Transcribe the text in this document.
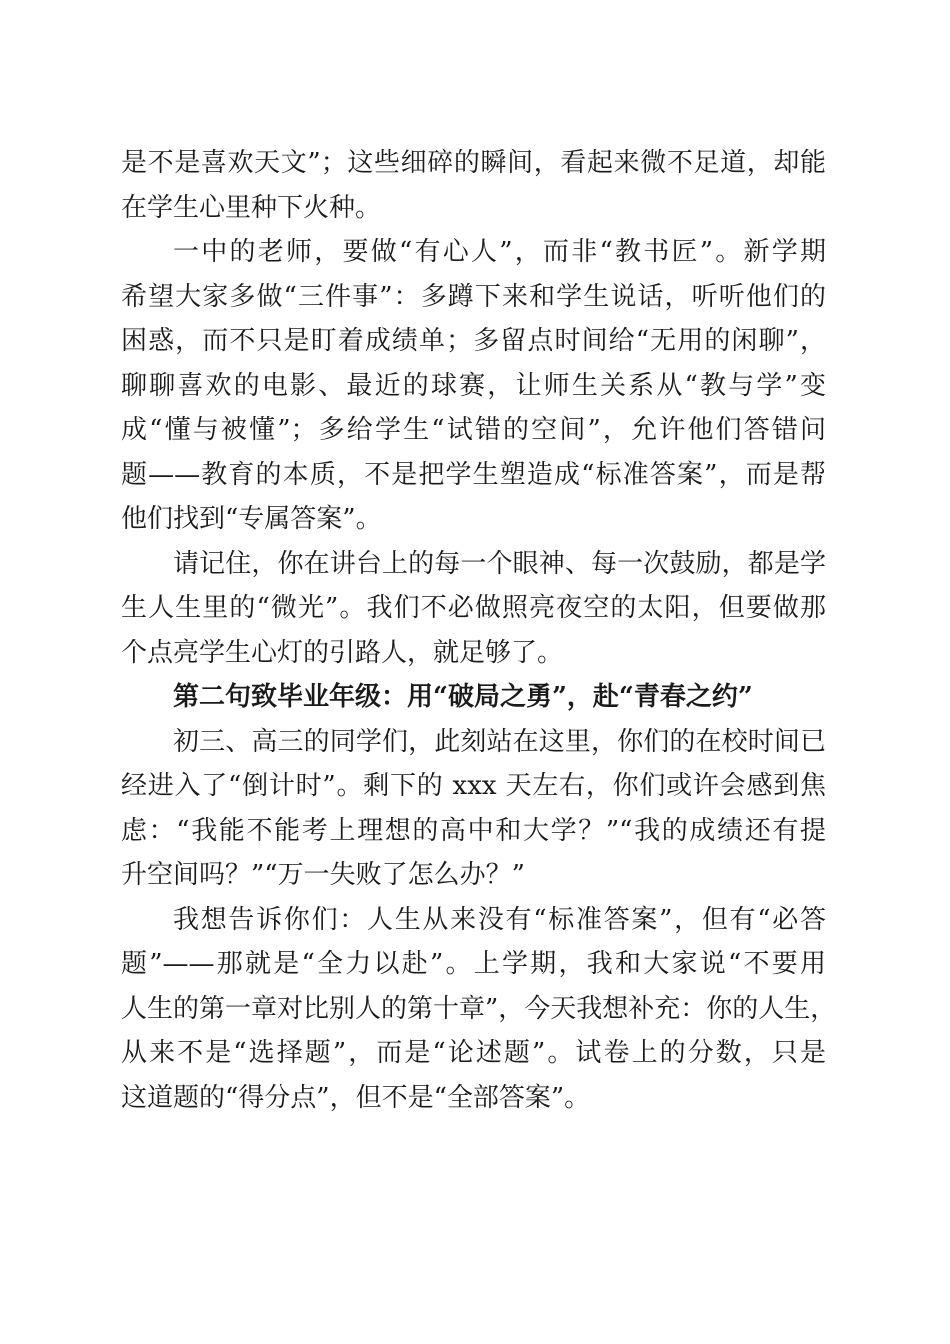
是不是喜欢天文”；这些细碎的瞬间，看起来微不足道，却能

在学生心里种下火种。

一中的老师，要做“有心人”，而非“教书匠”。新学期

希望大家多做“三件事”：多蹲下来和学生说话，听听他们的

困惑，而不只是盯着成绩单；多留点时间给“无用的闲聊”，

聊聊喜欢的电影、最近的球赛，让师生关系从“教与学”变

成“懂与被懂”；多给学生“试错的空间”，允许他们答错问

题——教育的本质，不是把学生塑造成“标准答案”，而是帮

他们找到“专属答案”。

请记住，你在讲台上的每一个眼神、每一次鼓励，都是学

生人生里的“微光”。我们不必做照亮夜空的太阳，但要做那

个点亮学生心灯的引路人，就足够了。

第二句致毕业年级：用“破局之勇”，赴“青春之约”

初三、高三的同学们，此刻站在这里，你们的在校时间已

经进入了“倒计时”。剩下的 xxx 天左右，你们或许会感到焦

虑：“我能不能考上理想的高中和大学？”“我的成绩还有提

升空间吗？”“万一失败了怎么办？”

我想告诉你们：人生从来没有“标准答案”，但有“必答

题”——那就是“全力以赴”。上学期，我和大家说“不要用

人生的第一章对比别人的第十章”，今天我想补充：你的人生，

从来不是“选择题”，而是“论述题”。试卷上的分数，只是

这道题的“得分点”，但不是“全部答案”。
